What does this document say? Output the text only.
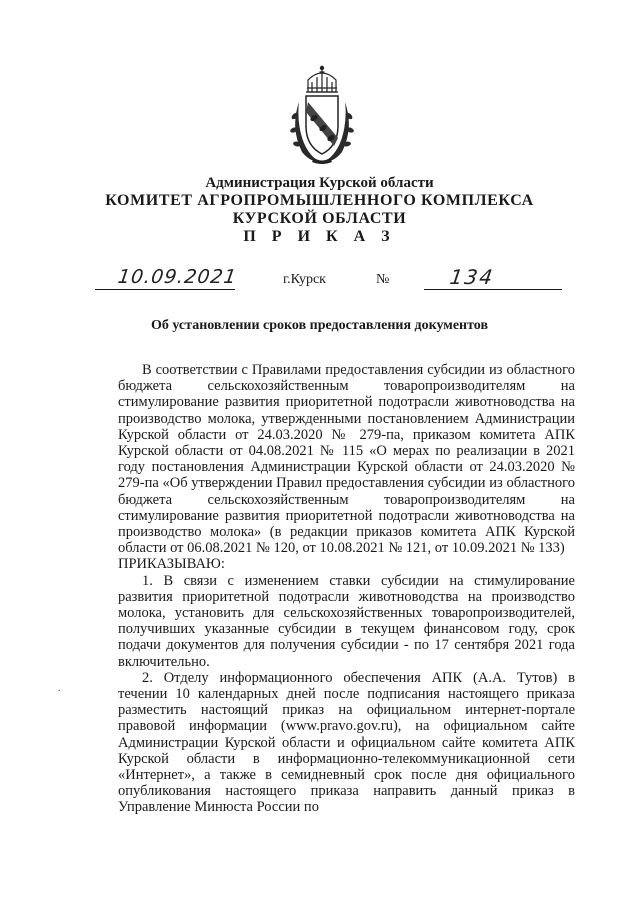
Администрация Курской области
КОМИТЕТ АГРОПРОМЫШЛЕННОГО КОМПЛЕКСА
КУРСКОЙ ОБЛАСТИ
П Р И К А З
10.09.2021	г.Курск	№	134
Об установлении сроков предоставления документов

В соответствии с Правилами предоставления субсидии из областного бюджета сельскохозяйственным товаропроизводителям на стимулирование развития приоритетной подотрасли животноводства на производство молока, утвержденными постановлением Администрации Курской области от 24.03.2020 № 279-па, приказом комитета АПК Курской области от 04.08.2021 № 115 «О мерах по реализации в 2021 году постановления Администрации Курской области от 24.03.2020 № 279-па «Об утверждении Правил предоставления субсидии из областного бюджета сельскохозяйственным товаропроизводителям на стимулирование развития приоритетной подотрасли животноводства на производство молока» (в редакции приказов комитета АПК Курской области от 06.08.2021 № 120, от 10.08.2021 № 121, от 10.09.2021 № 133)

ПРИКАЗЫВАЮ:

1. В связи с изменением ставки субсидии на стимулирование развития приоритетной подотрасли животноводства на производство молока, установить для сельскохозяйственных товаропроизводителей, получивших указанные субсидии в текущем финансовом году, срок подачи документов для получения субсидии - по 17 сентября 2021 года включительно.

2. Отделу информационного обеспечения АПК (А.А. Тутов) в течении 10 календарных дней после подписания настоящего приказа разместить настоящий приказ на официальном интернет-портале правовой информации (www.pravo.gov.ru), на официальном сайте Администрации Курской области и официальном сайте комитета АПК Курской области в информационно-телекоммуникационной сети «Интернет», а также в семидневный срок после дня официального опубликования настоящего приказа направить данный приказ в Управление Минюста России по

.
